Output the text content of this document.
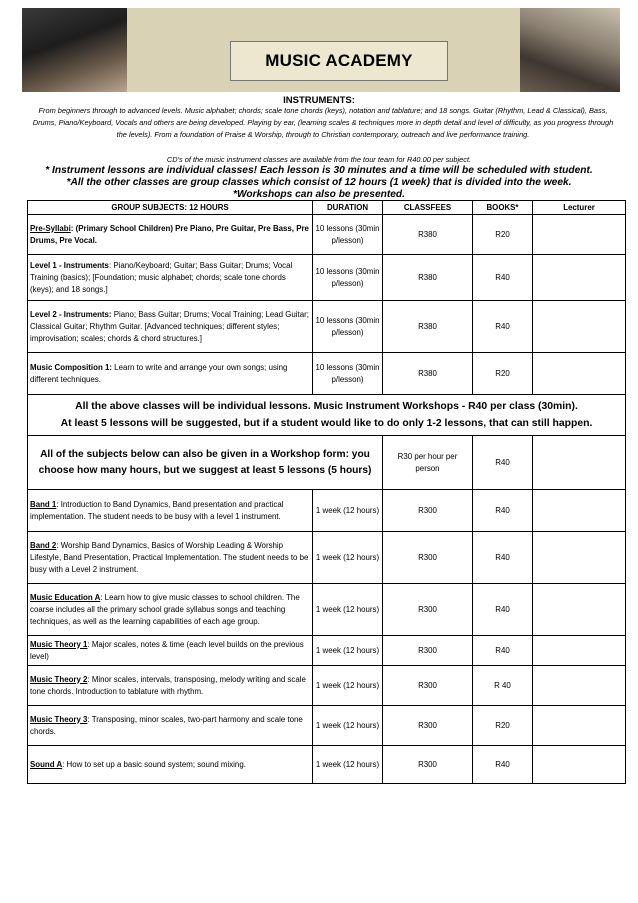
MUSIC ACADEMY
INSTRUMENTS:
From beginners through to advanced levels. Music alphabet; chords; scale tone chords (keys), notation and tablature; and 18 songs. Guitar (Rhythm, Lead & Classical), Bass, Drums, Piano/Keyboard, Vocals and others are being developed. Playing by ear, (learning scales & techniques more in depth detail and level of difficulty, as you progress through the levels). From a foundation of Praise & Worship, through to Christian contemporary, outreach and live performance training.
CD's of the music instrument classes are available from the tour team for R40.00 per subject.
* Instrument lessons are individual classes! Each lesson is 30 minutes and a time will be scheduled with student.
*All the other classes are group classes which consist of 12 hours (1 week) that is divided into the week.
*Workshops can also be presented.
GROUP SUBJECTS: 12 HOURS	DURATION	CLASSFEES	BOOKS*	Lecturer
Pre-Syllabi: (Primary School Children) Pre Piano, Pre Guitar, Pre Bass, Pre Drums, Pre Vocal.	10 lessons (30min p/lesson)	R380	R20	
Level 1 - Instruments: Piano/Keyboard; Guitar; Bass Guitar; Drums; Vocal Training (basics); [Foundation; music alphabet; chords; scale tone chords (keys); and 18 songs.]	10 lessons (30min p/lesson)	R380	R40	
Level 2 - Instruments: Piano; Bass Guitar; Drums; Vocal Training; Lead Guitar; Classical Guitar; Rhythm Guitar. [Advanced techniques; different styles; improvisation; scales; chords & chord structures.]	10 lessons (30min p/lesson)	R380	R40	
Music Composition 1: Learn to write and arrange your own songs; using different techniques.	10 lessons (30min p/lesson)	R380	R20	

All the above classes will be individual lessons. Music Instrument Workshops - R40 per class (30min).
At least 5 lessons will be suggested, but if a student would like to do only 1-2 lessons, that can still happen.				

All of the subjects below can also be given in a Workshop form: you choose how many hours, but we suggest at least 5 lessons (5 hours)		R30 per hour per person	R40	
Band 1: Introduction to Band Dynamics, Band presentation and practical implementation. The student needs to be busy with a level 1 instrument.	1 week (12 hours)	R300	R40	
Band 2: Worship Band Dynamics, Basics of Worship Leading & Worship Lifestyle, Band Presentation, Practical Implementation. The student needs to be busy with a Level 2 instrument.	1 week (12 hours)	R300	R40	
Music Education A: Learn how to give music classes to school children. The coarse includes all the primary school grade syllabus songs and teaching techniques, as well as the learning capabilities of each age group.	1 week (12 hours)	R300	R40	
Music Theory 1: Major scales, notes & time (each level builds on the previous level)	1 week (12 hours)	R300	R40	
Music Theory 2: Minor scales, intervals, transposing, melody writing and scale tone chords. Introduction to tablature with rhythm.	1 week (12 hours)	R300	R 40	
Music Theory 3: Transposing, minor scales, two-part harmony and scale tone chords.	1 week (12 hours)	R300	R20	
Sound A: How to set up a basic sound system; sound mixing.	1 week (12 hours)	R300	R40	
